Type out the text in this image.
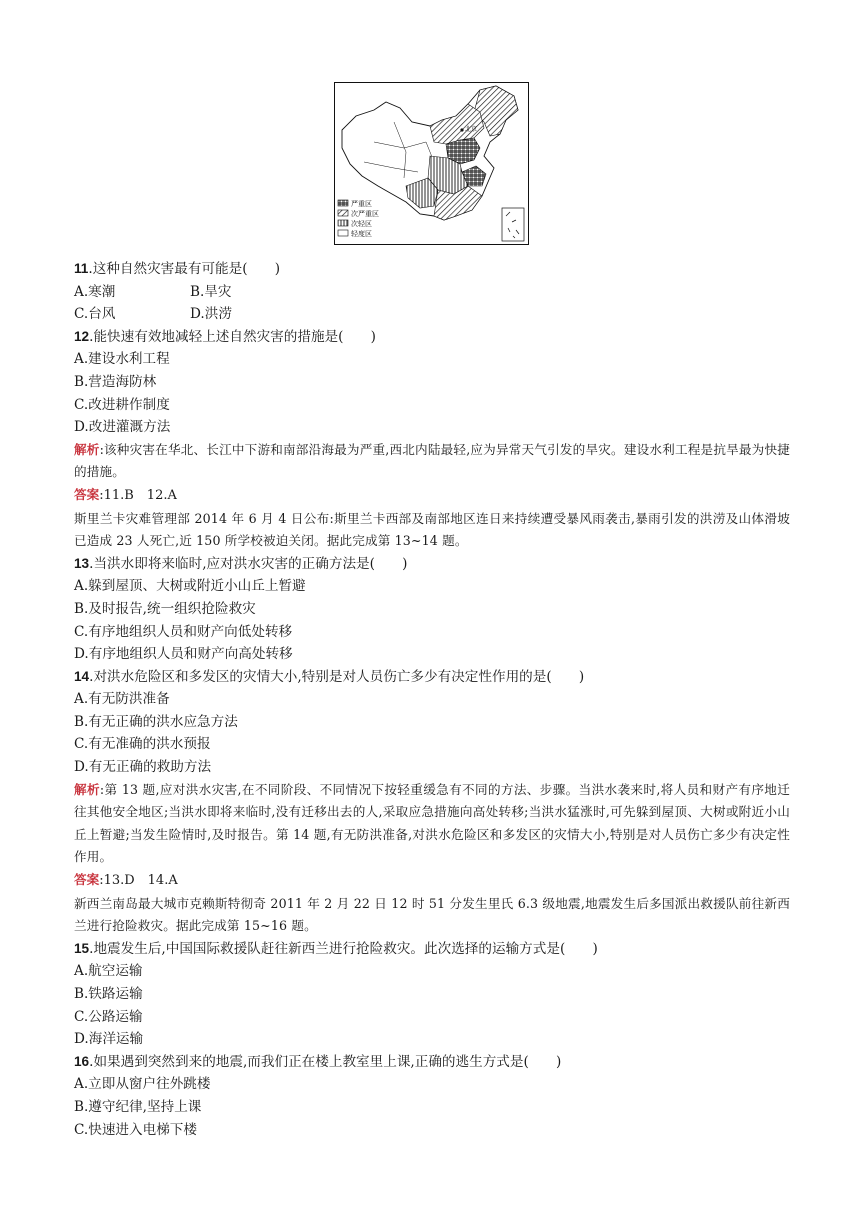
北京
严重区
次严重区
次轻区
轻度区
11.这种自然灾害最有可能是(　　)
A.寒潮	B.旱灾
C.台风	D.洪涝
12.能快速有效地减轻上述自然灾害的措施是(　　)
A.建设水利工程
B.营造海防林
C.改进耕作制度
D.改进灌溉方法
解析:该种灾害在华北、长江中下游和南部沿海最为严重,西北内陆最轻,应为异常天气引发的旱灾。建设水利工程是抗旱最为快捷的措施。
答案:11.B　12.A
斯里兰卡灾难管理部 2014 年 6 月 4 日公布:斯里兰卡西部及南部地区连日来持续遭受暴风雨袭击,暴雨引发的洪涝及山体滑坡已造成 23 人死亡,近 150 所学校被迫关闭。据此完成第 13~14 题。
13.当洪水即将来临时,应对洪水灾害的正确方法是(　　)
A.躲到屋顶、大树或附近小山丘上暂避
B.及时报告,统一组织抢险救灾
C.有序地组织人员和财产向低处转移
D.有序地组织人员和财产向高处转移
14.对洪水危险区和多发区的灾情大小,特别是对人员伤亡多少有决定性作用的是(　　)
A.有无防洪准备
B.有无正确的洪水应急方法
C.有无准确的洪水预报
D.有无正确的救助方法
解析:第 13 题,应对洪水灾害,在不同阶段、不同情况下按轻重缓急有不同的方法、步骤。当洪水袭来时,将人员和财产有序地迁往其他安全地区;当洪水即将来临时,没有迁移出去的人,采取应急措施向高处转移;当洪水猛涨时,可先躲到屋顶、大树或附近小山丘上暂避;当发生险情时,及时报告。第 14 题,有无防洪准备,对洪水危险区和多发区的灾情大小,特别是对人员伤亡多少有决定性作用。
答案:13.D　14.A
新西兰南岛最大城市克赖斯特彻奇 2011 年 2 月 22 日 12 时 51 分发生里氏 6.3 级地震,地震发生后多国派出救援队前往新西兰进行抢险救灾。据此完成第 15~16 题。
15.地震发生后,中国国际救援队赶往新西兰进行抢险救灾。此次选择的运输方式是(　　)
A.航空运输
B.铁路运输
C.公路运输
D.海洋运输
16.如果遇到突然到来的地震,而我们正在楼上教室里上课,正确的逃生方式是(　　)
A.立即从窗户往外跳楼
B.遵守纪律,坚持上课
C.快速进入电梯下楼
